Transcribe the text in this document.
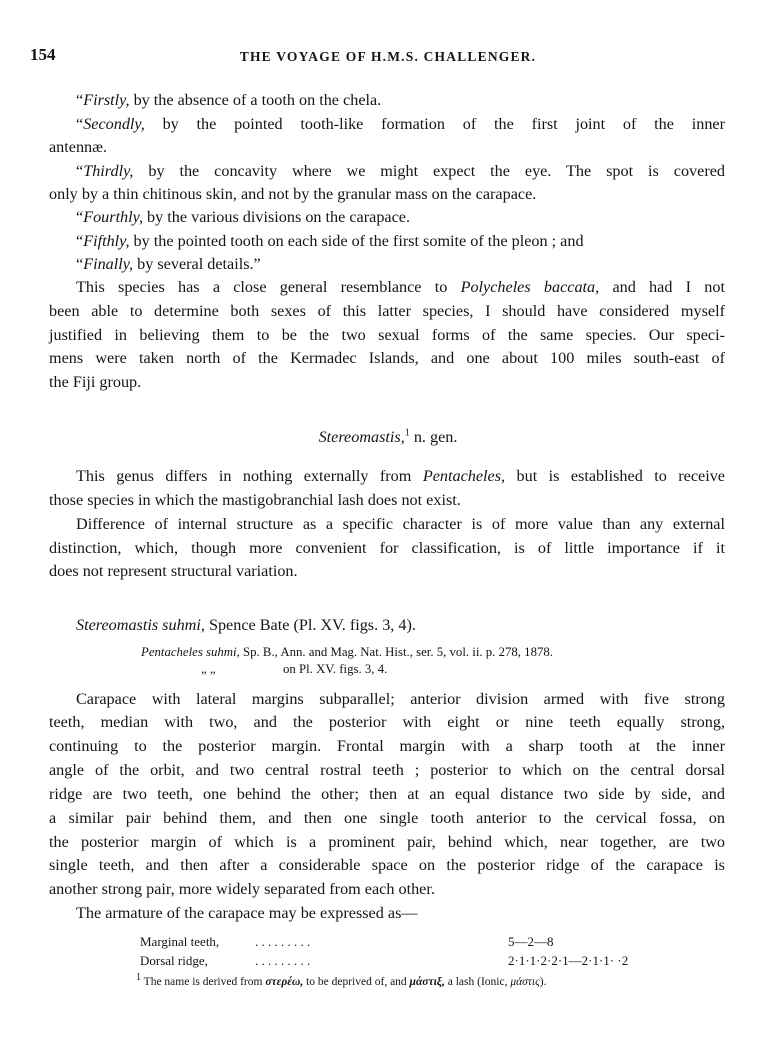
154	THE VOYAGE OF H.M.S. CHALLENGER.
“Firstly, by the absence of a tooth on the chela.
“Secondly, by the pointed tooth-like formation of the first joint of the inner
antennæ.
“Thirdly, by the concavity where we might expect the eye. The spot is covered
only by a thin chitinous skin, and not by the granular mass on the carapace.
“Fourthly, by the various divisions on the carapace.
“Fifthly, by the pointed tooth on each side of the first somite of the pleon ; and
“Finally, by several details.”
This species has a close general resemblance to Polycheles baccata, and had I not
been able to determine both sexes of this latter species, I should have considered myself
justified in believing them to be the two sexual forms of the same species. Our speci-
mens were taken north of the Kermadec Islands, and one about 100 miles south-east of
the Fiji group.
Stereomastis,$^1$ n. gen.
This genus differs in nothing externally from Pentacheles, but is established to receive
those species in which the mastigobranchial lash does not exist.
Difference of internal structure as a specific character is of more value than any external
distinction, which, though more convenient for classification, is of little importance if it
does not represent structural variation.
Stereomastis suhmi, Spence Bate (Pl. XV. figs. 3, 4).
Pentacheles suhmi, Sp. B., Ann. and Mag. Nat. Hist., ser. 5, vol. ii. p. 278, 1878.
„ „	on Pl. XV. figs. 3, 4.
Carapace with lateral margins subparallel; anterior division armed with five strong
teeth, median with two, and the posterior with eight or nine teeth equally strong,
continuing to the posterior margin. Frontal margin with a sharp tooth at the inner
angle of the orbit, and two central rostral teeth ; posterior to which on the central dorsal
ridge are two teeth, one behind the other; then at an equal distance two side by side, and
a similar pair behind them, and then one single tooth anterior to the cervical fossa, on
the posterior margin of which is a prominent pair, behind which, near together, are two
single teeth, and then after a considerable space on the posterior ridge of the carapace is
another strong pair, more widely separated from each other.
The armature of the carapace may be expressed as—
Marginal teeth,	. . . . . . . . .	5—2—8
Dorsal ridge,	. . . . . . . . .	2·1·1·2·2·1—2·1·1· ·2
$^1$ The name is derived from στερέω, to be deprived of, and μάστιξ, a lash (Ionic, μάστις).
